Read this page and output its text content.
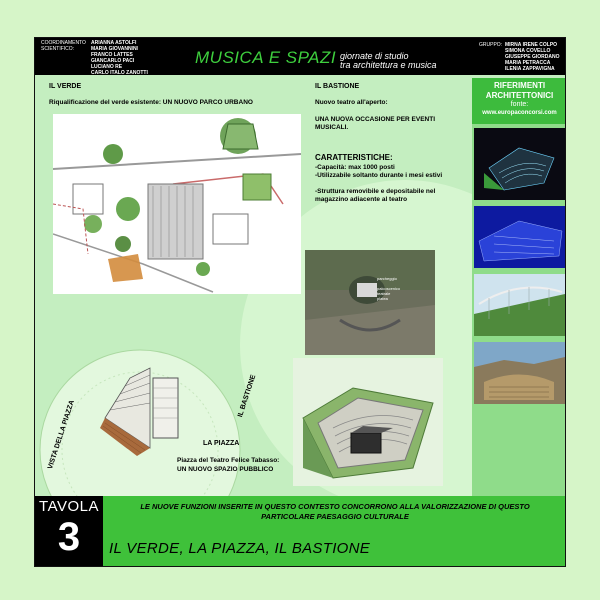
COORDINAMENTO SCIENTIFICO:
ARIANNA ASTOLFI
MARIA GIOVANNINI
FRANCO LATTES
GIANCARLO PACI
LUCIANO RE
CARLO ITALO ZANOTTI
MUSICA E SPAZI giornate di studio
tra architettura e musica
GRUPPO: MIRNA IRENE COLPO
SIMONA COVELLO
GIUSEPPE GIORDANO
MARIA PETRACCA
ILENIA ZAPPAVIGNA
IL VERDE
Riqualificazione del verde esistente: UN NUOVO PARCO URBANO
IL BASTIONE
Nuovo teatro all'aperto:
UNA NUOVA OCCASIONE PER EVENTI MUSICALI.
CARATTERISTICHE:
-Capacità: max 1000 posti
-Utilizzabile soltanto durante i mesi estivi
-Struttura removibile e depositabile nel magazzino adiacente al teatro
parcheggio
palcoscenico
teatrale
platea
VISTA DELLA PIAZZA
IL BASTIONE
LA PIAZZA
Piazza del Teatro Felice Tabasso:
UN NUOVO SPAZIO PUBBLICO
RIFERIMENTI ARCHITETTONICI
fonte:
www.europaconcorsi.com
TAVOLA
3
LE NUOVE FUNZIONI INSERITE IN QUESTO CONTESTO CONCORRONO ALLA VALORIZZAZIONE DI QUESTO PARTICOLARE PAESAGGIO CULTURALE
IL VERDE, LA PIAZZA, IL BASTIONE
